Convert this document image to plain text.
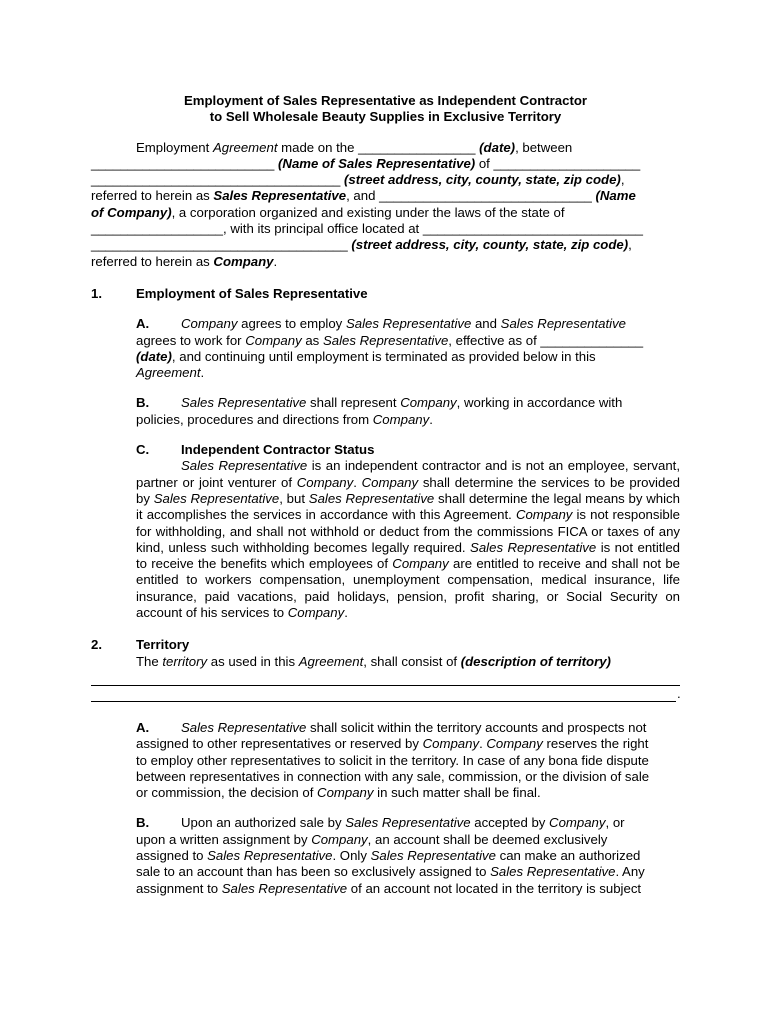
Employment of Sales Representative as Independent Contractor
to Sell Wholesale Beauty Supplies in Exclusive Territory
Employment Agreement made on the ________________ (date), between
_________________________ (Name of Sales Representative) of ____________________
__________________________________ (street address, city, county, state, zip code),
referred to herein as Sales Representative, and _____________________________ (Name
of Company), a corporation organized and existing under the laws of the state of
__________________, with its principal office located at ______________________________
___________________________________ (street address, city, county, state, zip code),
referred to herein as Company.
1.	Employment of Sales Representative
A. Company agrees to employ Sales Representative and Sales Representative
agrees to work for Company as Sales Representative, effective as of ______________
(date), and continuing until employment is terminated as provided below in this
Agreement.
B. Sales Representative shall represent Company, working in accordance with
policies, procedures and directions from Company.
C. Independent Contractor Status
Sales Representative is an independent contractor and is not an employee, servant, partner or joint venturer of Company. Company shall determine the services to be provided by Sales Representative, but Sales Representative shall determine the legal means by which it accomplishes the services in accordance with this Agreement. Company is not responsible for withholding, and shall not withhold or deduct from the commissions FICA or taxes of any kind, unless such withholding becomes legally required. Sales Representative is not entitled to receive the benefits which employees of Company are entitled to receive and shall not be entitled to workers compensation, unemployment compensation, medical insurance, life insurance, paid vacations, paid holidays, pension, profit sharing, or Social Security on account of his services to Company.
2.	Territory
The territory as used in this Agreement, shall consist of (description of territory)
.
A. Sales Representative shall solicit within the territory accounts and prospects not
assigned to other representatives or reserved by Company. Company reserves the right
to employ other representatives to solicit in the territory. In case of any bona fide dispute
between representatives in connection with any sale, commission, or the division of sale
or commission, the decision of Company in such matter shall be final.
B. Upon an authorized sale by Sales Representative accepted by Company, or
upon a written assignment by Company, an account shall be deemed exclusively
assigned to Sales Representative. Only Sales Representative can make an authorized
sale to an account than has been so exclusively assigned to Sales Representative. Any
assignment to Sales Representative of an account not located in the territory is subject
